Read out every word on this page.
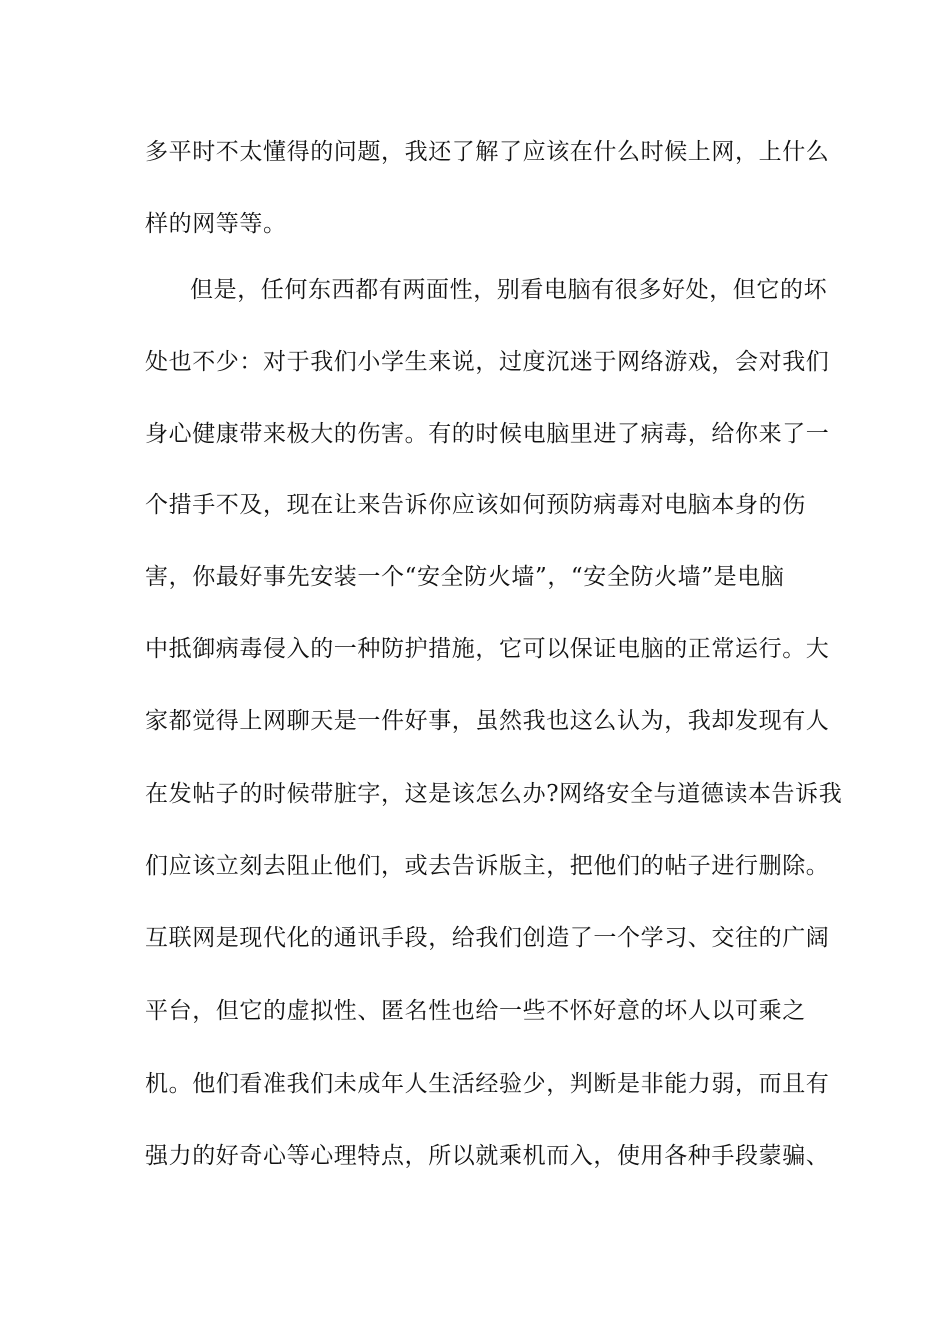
多平时不太懂得的问题，我还了解了应该在什么时候上网，上什么

样的网等等。

但是，任何东西都有两面性，别看电脑有很多好处，但它的坏

处也不少：对于我们小学生来说，过度沉迷于网络游戏，会对我们

身心健康带来极大的伤害。有的时候电脑里进了病毒，给你来了一

个措手不及，现在让来告诉你应该如何预防病毒对电脑本身的伤

害，你最好事先安装一个“安全防火墙”，“安全防火墙”是电脑

中抵御病毒侵入的一种防护措施，它可以保证电脑的正常运行。大

家都觉得上网聊天是一件好事，虽然我也这么认为，我却发现有人

在发帖子的时候带脏字，这是该怎么办?网络安全与道德读本告诉我

们应该立刻去阻止他们，或去告诉版主，把他们的帖子进行删除。

互联网是现代化的通讯手段，给我们创造了一个学习、交往的广阔

平台，但它的虚拟性、匿名性也给一些不怀好意的坏人以可乘之

机。他们看准我们未成年人生活经验少，判断是非能力弱，而且有

强力的好奇心等心理特点，所以就乘机而入，使用各种手段蒙骗、
